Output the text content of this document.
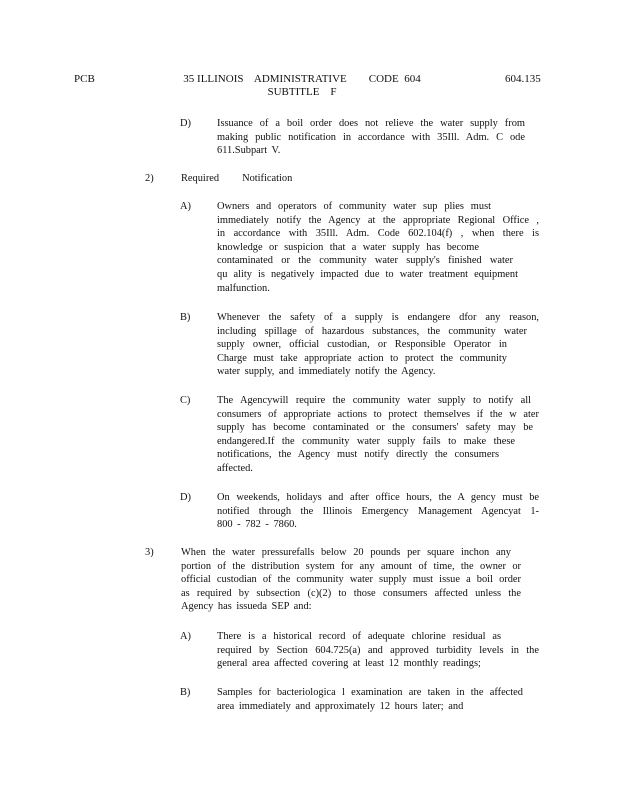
PCB	35 ILLINOIS    ADMINISTRATIVE        CODE  604
SUBTITLE    F
604.135
D)	Issuance of a boil order does not relieve the water supply from
making public notification in accordance with 35Ill. Adm. C ode
611.Subpart V.
2)	Required     Notification
A)	Owners and operators of community water sup plies must
immediately notify the Agency at the appropriate Regional Office ,
in accordance with 35Ill. Adm. Code 602.104(f) , when there is
knowledge or suspicion that a water supply has become
contaminated or the community water supply's finished water
qu ality is negatively impacted due to water treatment equipment
malfunction.
B)	Whenever the safety of a supply is endangere dfor any reason,
including spillage of hazardous substances, the community water
supply owner, official custodian, or Responsible Operator in
Charge must take appropriate action to protect the community
water supply, and immediately notify the Agency.
C)	The Agencywill require the community water supply to notify all
consumers of appropriate actions to protect themselves if the w ater
supply has become contaminated or the consumers' safety may be
endangered.If the community water supply fails to make these
notifications, the Agency must notify directly the consumers
affected.
D)	On weekends, holidays and after office hours, the A gency must be
notified through the Illinois Emergency Management Agencyat 1-
800 - 782 - 7860.
3)	When the water pressurefalls below 20 pounds per square inchon any
portion of the distribution system for any amount of time, the owner or
official custodian of the community water supply must issue a boil order
as required by subsection (c)(2) to those consumers affected unless the
Agency has issueda SEP and:
A)	There is a historical record of adequate chlorine residual as
required by Section 604.725(a) and approved turbidity levels in the
general area affected covering at least 12 monthly readings;
B)	Samples for bacteriologica l examination are taken in the affected
area immediately and approximately 12 hours later; and
